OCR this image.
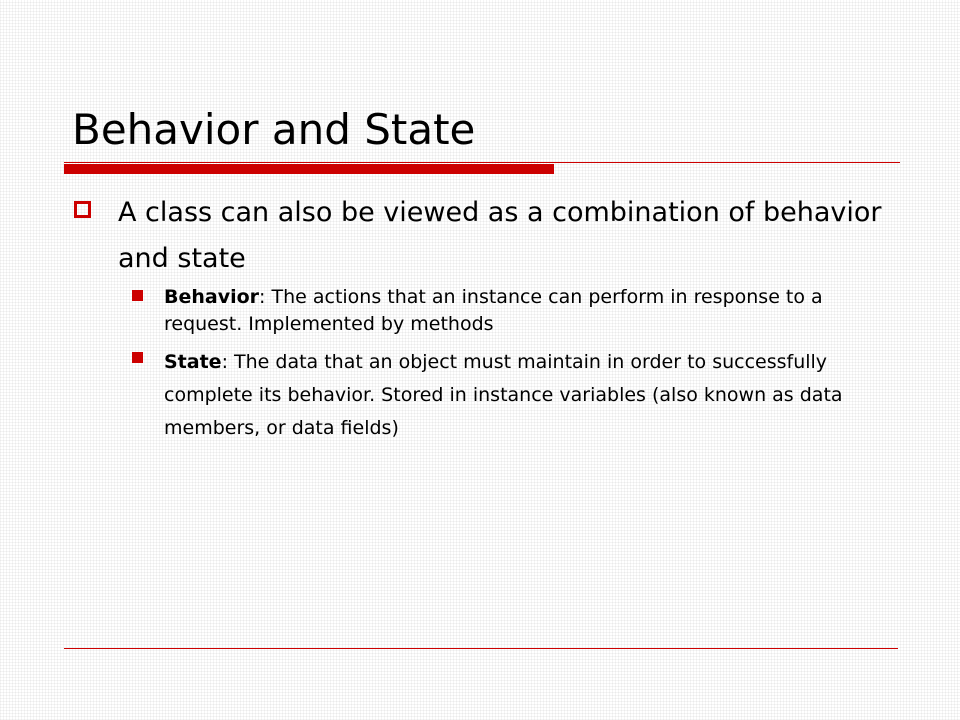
Behavior and State
A class can also be viewed as a combination of behavior and state
Behavior: The actions that an instance can perform in response to a request. Implemented by methods
State: The data that an object must maintain in order to successfully complete its behavior. Stored in instance variables (also known as data members, or data fields)
